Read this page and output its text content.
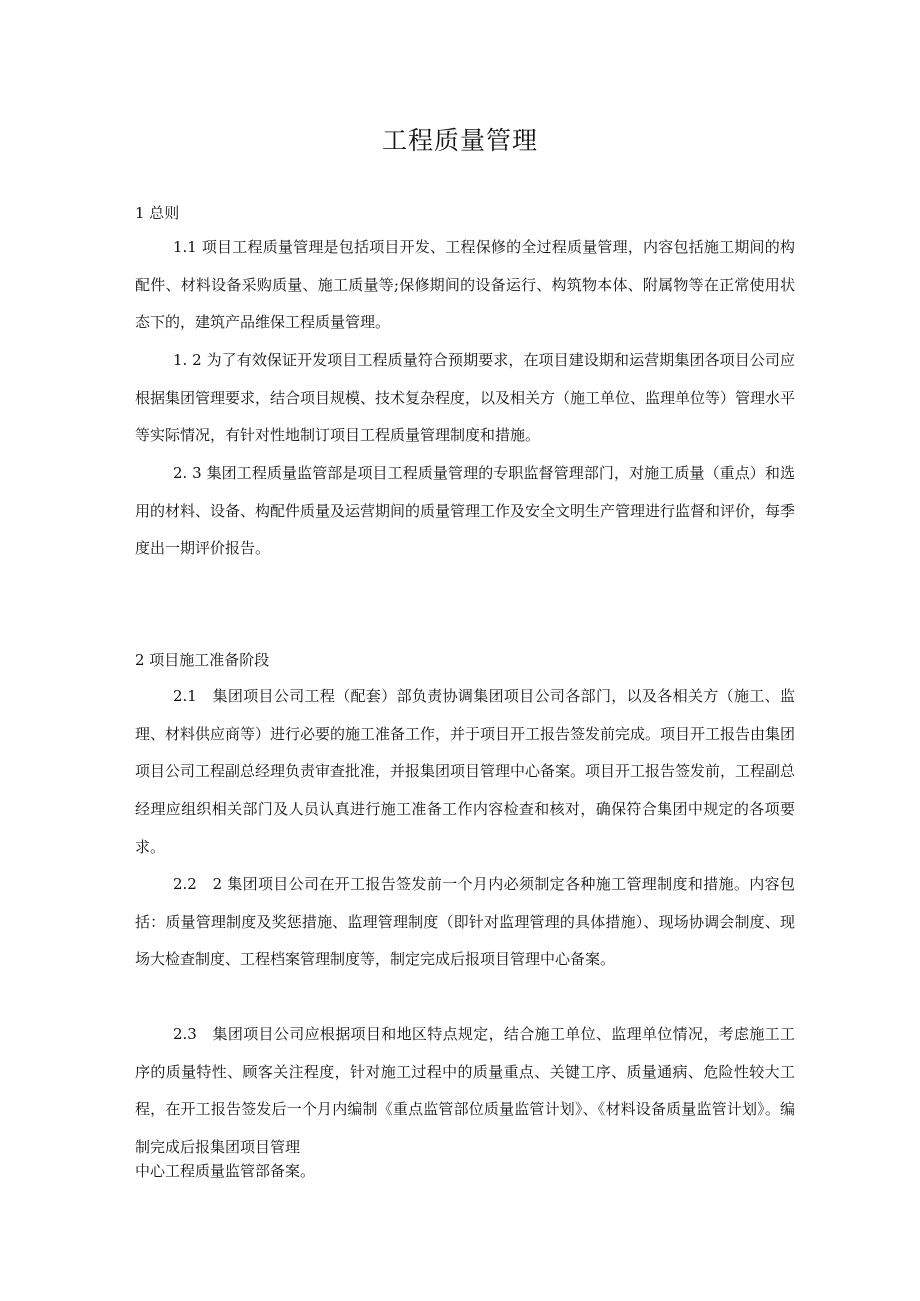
工程质量管理
1 总则
1.1 项目工程质量管理是包括项目开发、工程保修的全过程质量管理，内容包括施工期间的构配件、材料设备采购质量、施工质量等;保修期间的设备运行、构筑物本体、附属物等在正常使用状态下的，建筑产品维保工程质量管理。
1. 2 为了有效保证开发项目工程质量符合预期要求，在项目建设期和运营期集团各项目公司应根据集团管理要求，结合项目规模、技术复杂程度，以及相关方（施工单位、监理单位等）管理水平等实际情况，有针对性地制订项目工程质量管理制度和措施。
2. 3 集团工程质量监管部是项目工程质量管理的专职监督管理部门，对施工质量（重点）和选用的材料、设备、构配件质量及运营期间的质量管理工作及安全文明生产管理进行监督和评价，每季度出一期评价报告。
2 项目施工准备阶段
2.1　集团项目公司工程（配套）部负责协调集团项目公司各部门，以及各相关方（施工、监理、材料供应商等）进行必要的施工准备工作，并于项目开工报告签发前完成。项目开工报告由集团项目公司工程副总经理负责审查批准，并报集团项目管理中心备案。项目开工报告签发前，工程副总经理应组织相关部门及人员认真进行施工准备工作内容检查和核对，确保符合集团中规定的各项要求。
2.2　2 集团项目公司在开工报告签发前一个月内必须制定各种施工管理制度和措施。内容包括：质量管理制度及奖惩措施、监理管理制度（即针对监理管理的具体措施）、现场协调会制度、现场大检查制度、工程档案管理制度等，制定完成后报项目管理中心备案。
2.3　集团项目公司应根据项目和地区特点规定，结合施工单位、监理单位情况，考虑施工工序的质量特性、顾客关注程度，针对施工过程中的质量重点、关键工序、质量通病、危险性较大工程，在开工报告签发后一个月内编制《重点监管部位质量监管计划》、《材料设备质量监管计划》。编制完成后报集团项目管理
中心工程质量监管部备案。
